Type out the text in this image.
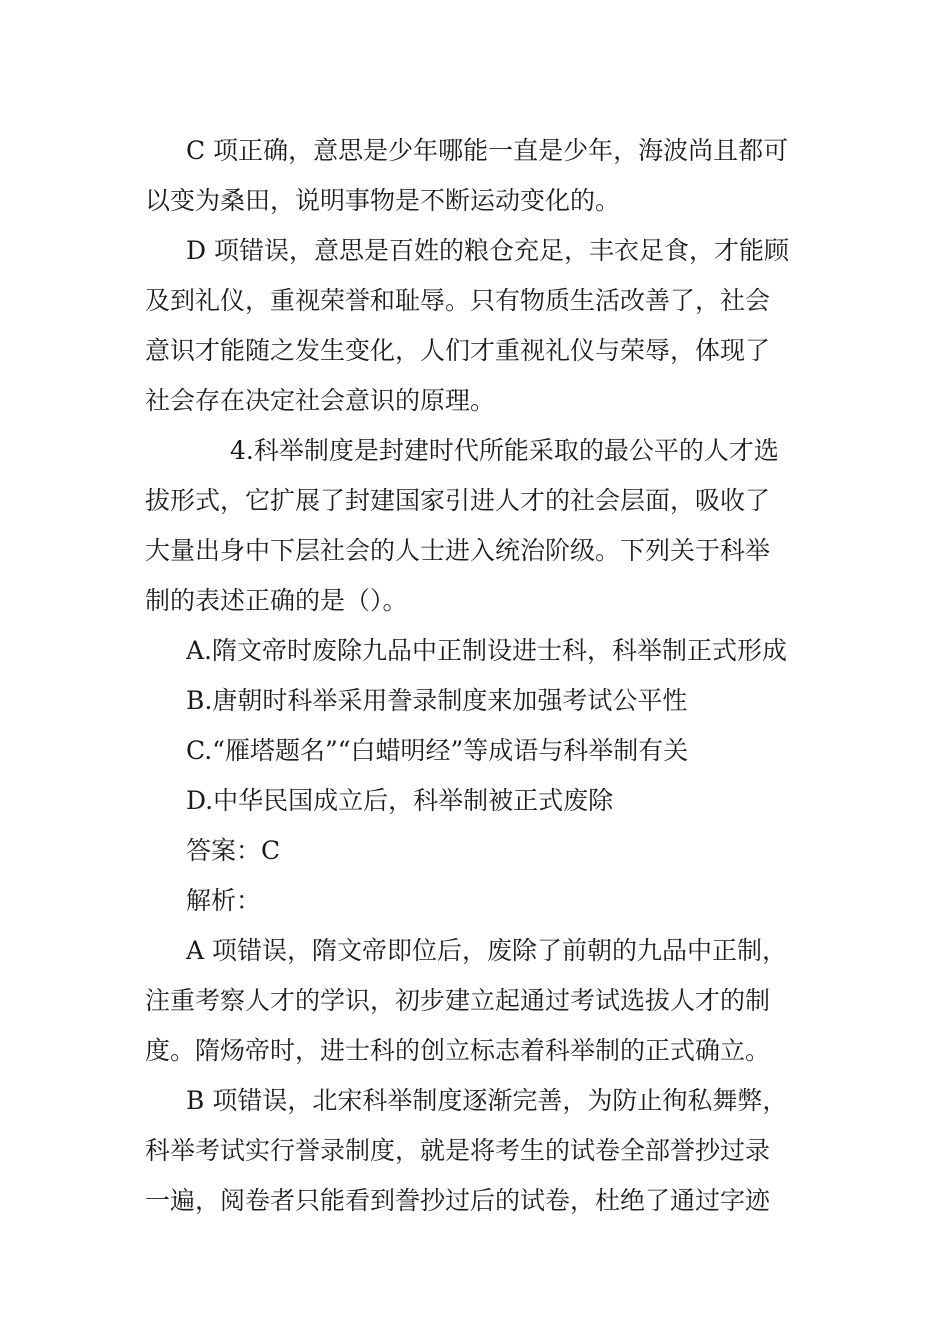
C 项正确，意思是少年哪能一直是少年，海波尚且都可
以变为桑田，说明事物是不断运动变化的。
D 项错误，意思是百姓的粮仓充足，丰衣足食，才能顾
及到礼仪，重视荣誉和耻辱。只有物质生活改善了，社会
意识才能随之发生变化，人们才重视礼仪与荣辱，体现了
社会存在决定社会意识的原理。
4.科举制度是封建时代所能采取的最公平的人才选
拔形式，它扩展了封建国家引进人才的社会层面，吸收了
大量出身中下层社会的人士进入统治阶级。下列关于科举
制的表述正确的是（）。
A.隋文帝时废除九品中正制设进士科，科举制正式形成
B.唐朝时科举采用誊录制度来加强考试公平性
C.“雁塔题名”“白蜡明经”等成语与科举制有关
D.中华民国成立后，科举制被正式废除
答案：C
解析：
A 项错误，隋文帝即位后，废除了前朝的九品中正制，
注重考察人才的学识，初步建立起通过考试选拔人才的制
度。隋炀帝时，进士科的创立标志着科举制的正式确立。
B 项错误，北宋科举制度逐渐完善，为防止徇私舞弊，
科举考试实行誉录制度，就是将考生的试卷全部誉抄过录
一遍，阅卷者只能看到誊抄过后的试卷，杜绝了通过字迹
